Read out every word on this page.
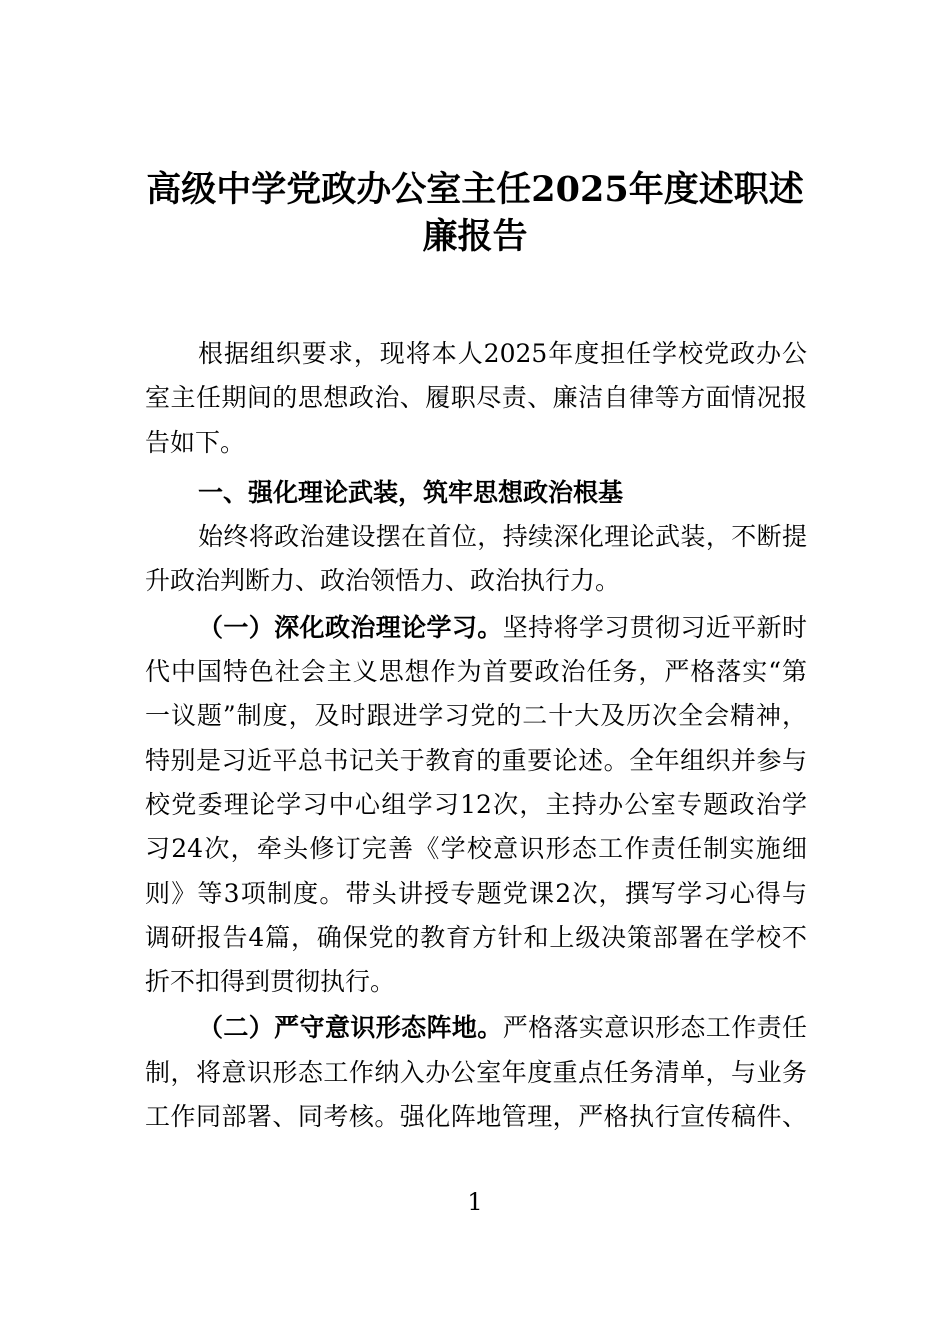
高级中学党政办公室主任2025年度述职述
廉报告
根据组织要求，现将本人2025年度担任学校党政办公
室主任期间的思想政治、履职尽责、廉洁自律等方面情况报
告如下。
一、强化理论武装，筑牢思想政治根基
始终将政治建设摆在首位，持续深化理论武装，不断提
升政治判断力、政治领悟力、政治执行力。
（一）深化政治理论学习。坚持将学习贯彻习近平新时
代中国特色社会主义思想作为首要政治任务，严格落实“第
一议题”制度，及时跟进学习党的二十大及历次全会精神，
特别是习近平总书记关于教育的重要论述。全年组织并参与
校党委理论学习中心组学习12次，主持办公室专题政治学
习24次，牵头修订完善《学校意识形态工作责任制实施细
则》等3项制度。带头讲授专题党课2次，撰写学习心得与
调研报告4篇，确保党的教育方针和上级决策部署在学校不
折不扣得到贯彻执行。
（二）严守意识形态阵地。严格落实意识形态工作责任
制，将意识形态工作纳入办公室年度重点任务清单，与业务
工作同部署、同考核。强化阵地管理，严格执行宣传稿件、
1
